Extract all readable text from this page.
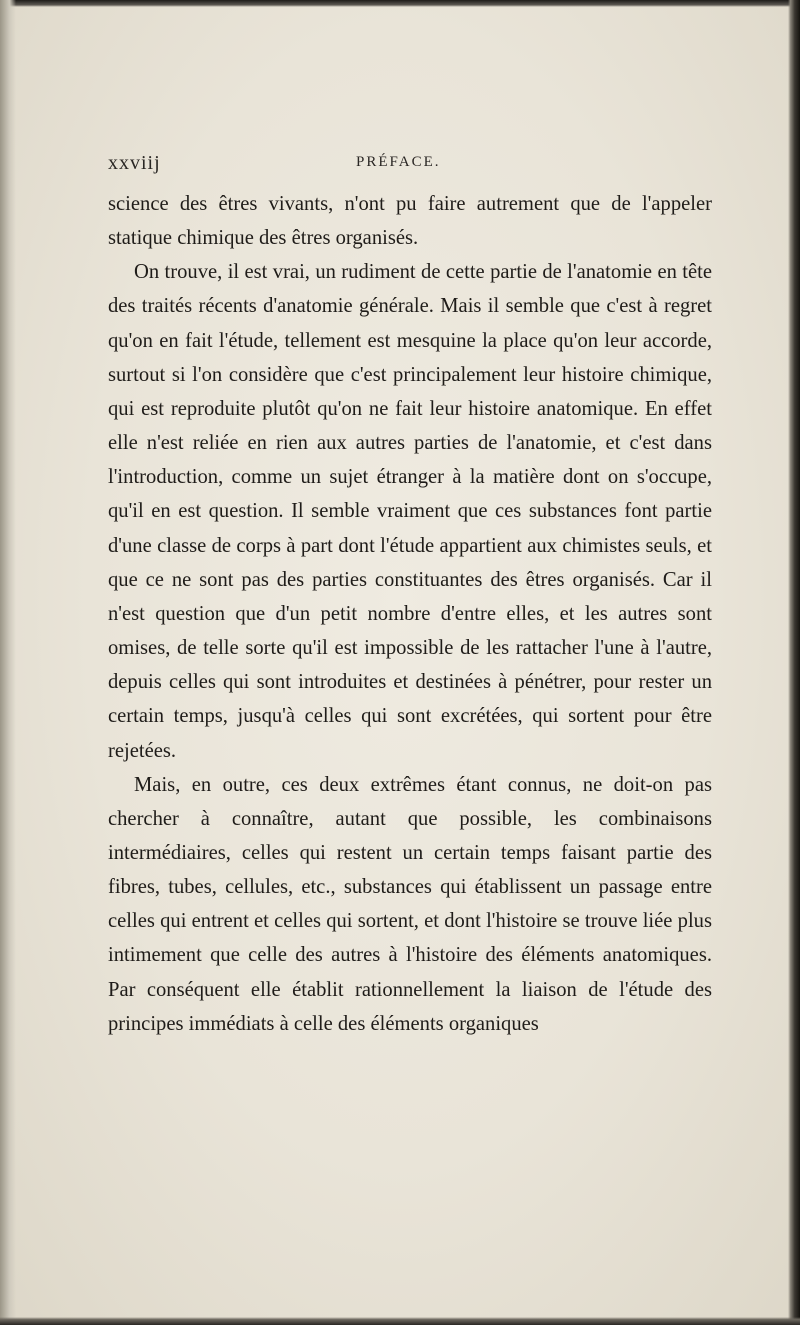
xxviij	PRÉFACE.

science des êtres vivants, n'ont pu faire autrement que de l'appeler statique chimique des êtres organisés.

On trouve, il est vrai, un rudiment de cette partie de l'anatomie en tête des traités récents d'anatomie générale. Mais il semble que c'est à regret qu'on en fait l'étude, tellement est mesquine la place qu'on leur accorde, surtout si l'on considère que c'est principalement leur histoire chimique, qui est reproduite plutôt qu'on ne fait leur histoire anatomique. En effet elle n'est reliée en rien aux autres parties de l'anatomie, et c'est dans l'introduction, comme un sujet étranger à la matière dont on s'occupe, qu'il en est question. Il semble vraiment que ces substances font partie d'une classe de corps à part dont l'étude appartient aux chimistes seuls, et que ce ne sont pas des parties constituantes des êtres organisés. Car il n'est question que d'un petit nombre d'entre elles, et les autres sont omises, de telle sorte qu'il est impossible de les rattacher l'une à l'autre, depuis celles qui sont introduites et destinées à pénétrer, pour rester un certain temps, jusqu'à celles qui sont excrétées, qui sortent pour être rejetées.

Mais, en outre, ces deux extrêmes étant connus, ne doit-on pas chercher à connaître, autant que possible, les combinaisons intermédiaires, celles qui restent un certain temps faisant partie des fibres, tubes, cellules, etc., substances qui établissent un passage entre celles qui entrent et celles qui sortent, et dont l'histoire se trouve liée plus intimement que celle des autres à l'histoire des éléments anatomiques. Par conséquent elle établit rationnellement la liaison de l'étude des principes immédiats à celle des éléments organiques
